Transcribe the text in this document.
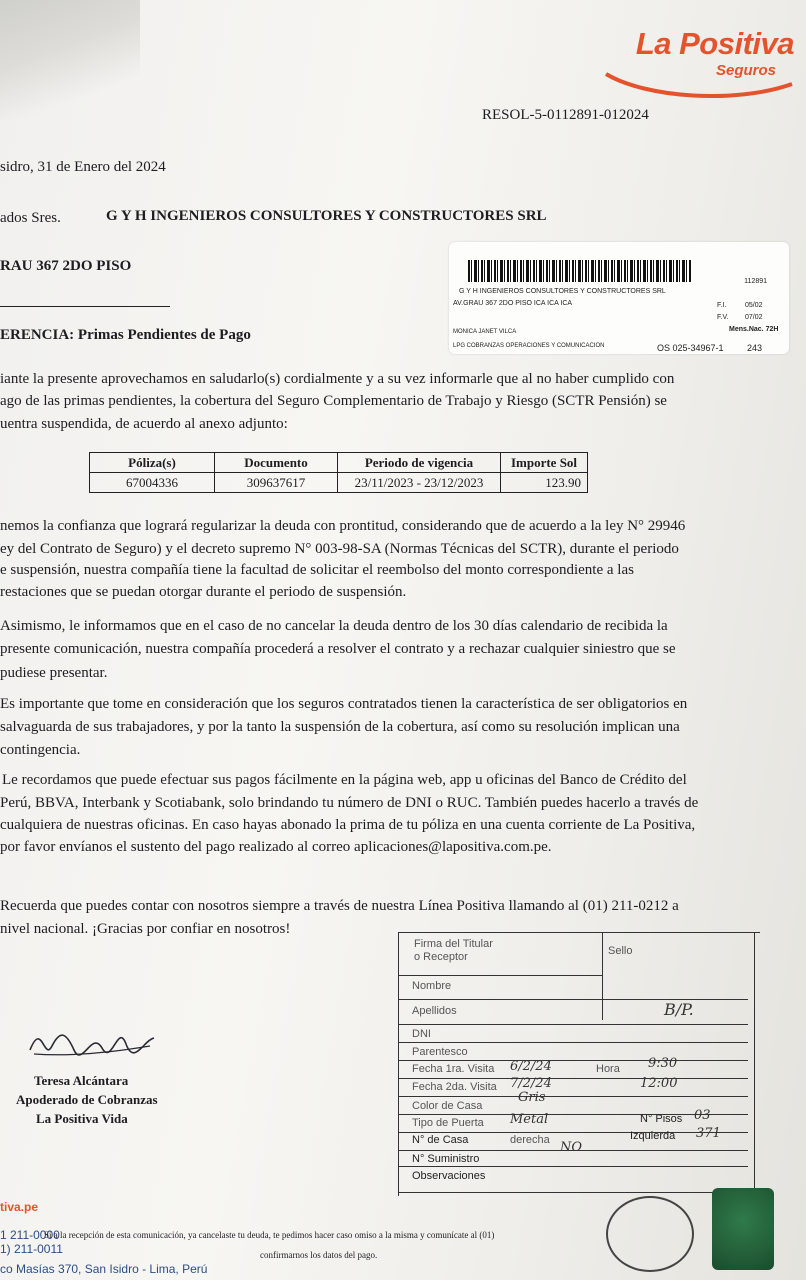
La Positiva
Seguros
RESOL-5-0112891-012024
sidro, 31 de Enero del 2024
ados Sres.	G Y H INGENIEROS CONSULTORES Y CONSTRUCTORES SRL
RAU 367 2DO PISO
ERENCIA: Primas Pendientes de Pago
112891
G Y H INGENIEROS CONSULTORES Y CONSTRUCTORES SRL
AV.GRAU 367 2DO PISO ICA ICA ICA	F.I.	05/02
F.V. 07/02
Mens.Nac. 72H
MONICA JANET VILCA
LPG COBRANZAS OPERACIONES Y COMUNICACION	OS 025-34967-1	243
iante la presente aprovechamos en saludarlo(s) cordialmente y a su vez informarle que al no haber cumplido con
ago de las primas pendientes, la cobertura del Seguro Complementario de Trabajo y Riesgo (SCTR Pensión) se
uentra suspendida, de acuerdo al anexo adjunto:
Póliza(s)	Documento	Periodo de vigencia	Importe Sol
67004336	309637617	23/11/2023 - 23/12/2023	123.90
nemos la confianza que logrará regularizar la deuda con prontitud, considerando que de acuerdo a la ley N° 29946
ey del Contrato de Seguro) y el decreto supremo N° 003-98-SA (Normas Técnicas del SCTR), durante el periodo
e suspensión, nuestra compañía tiene la facultad de solicitar el reembolso del monto correspondiente a las
restaciones que se puedan otorgar durante el periodo de suspensión.
Asimismo, le informamos que en el caso de no cancelar la deuda dentro de los 30 días calendario de recibida la
presente comunicación, nuestra compañía procederá a resolver el contrato y a rechazar cualquier siniestro que se
pudiese presentar.
Es importante que tome en consideración que los seguros contratados tienen la característica de ser obligatorios en
salvaguarda de sus trabajadores, y por la tanto la suspensión de la cobertura, así como su resolución implican una
contingencia.
Le recordamos que puede efectuar sus pagos fácilmente en la página web, app u oficinas del Banco de Crédito del
Perú, BBVA, Interbank y Scotiabank, solo brindando tu número de DNI o RUC. También puedes hacerlo a través de
cualquiera de nuestras oficinas. En caso hayas abonado la prima de tu póliza en una cuenta corriente de La Positiva,
por favor envíanos el sustento del pago realizado al correo aplicaciones@lapositiva.com.pe.
Recuerda que puedes contar con nosotros siempre a través de nuestra Línea Positiva llamando al (01) 211-0212 a
nivel nacional. ¡Gracias por confiar en nosotros!
Teresa Alcántara
Apoderado de Cobranzas
La Positiva Vida
Firma del Titular
o Receptor	Sello
Nombre
Apellidos	B/P.
DNI
Parentesco
Fecha 1ra. Visita 6/2/24	Hora 9:30
Fecha 2da. Visita 7/2/24	12:00
Color de Casa
Gris
Tipo de Puerta Metal	N° Pisos 03
N° de Casa	derecha NO
Izquierda 371
N° Suministro
Observaciones
tiva.pe
1 211-0000
1) 211-0011
co Masías 370, San Isidro - Lima, Perú
Si a la recepción de esta comunicación, ya cancelaste tu deuda, te pedimos hacer caso omiso a la misma y comunícate al (01)
confirmarnos los datos del pago.
